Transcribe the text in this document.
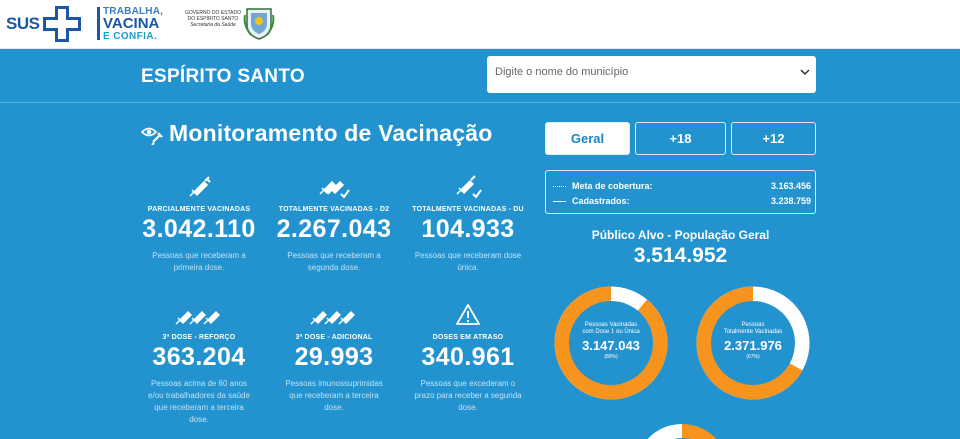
SUS
TRABALHA,
VACINA
E CONFIA.
GOVERNO DO ESTADO
DO ESPÍRITO SANTO
Secretaria da Saúde
ESPÍRITO SANTO	Digite o nome do município
Monitoramento de Vacinação
PARCIALMENTE VACINADAS
3.042.110
Pessoas que receberam a
primeira dose.
TOTALMENTE VACINADAS - D2
2.267.043
Pessoas que receberam a
segunda dose.
TOTALMENTE VACINADAS - DU
104.933
Pessoas que receberam dose
única.
3ª DOSE - REFORÇO
363.204
Pessoas acima de 60 anos
e/ou trabalhadores da saúde
que receberam a terceira
dose.
3ª DOSE - ADICIONAL
29.993
Pessoas imunossuprimidas
que receberam a terceira
dose.
DOSES EM ATRASO
340.961
Pessoas que excederam o
prazo para receber a segunda
dose.
Geral	+18	+12
Meta de cobertura:	3.163.456
Cadastrados:	3.238.759
Público Alvo - População Geral
3.514.952
Pessoas Vacinadas
com Dose 1 ou Única
3.147.043
(89%)
Pessoas
Totalmente Vacinadas
2.371.976
(67%)
